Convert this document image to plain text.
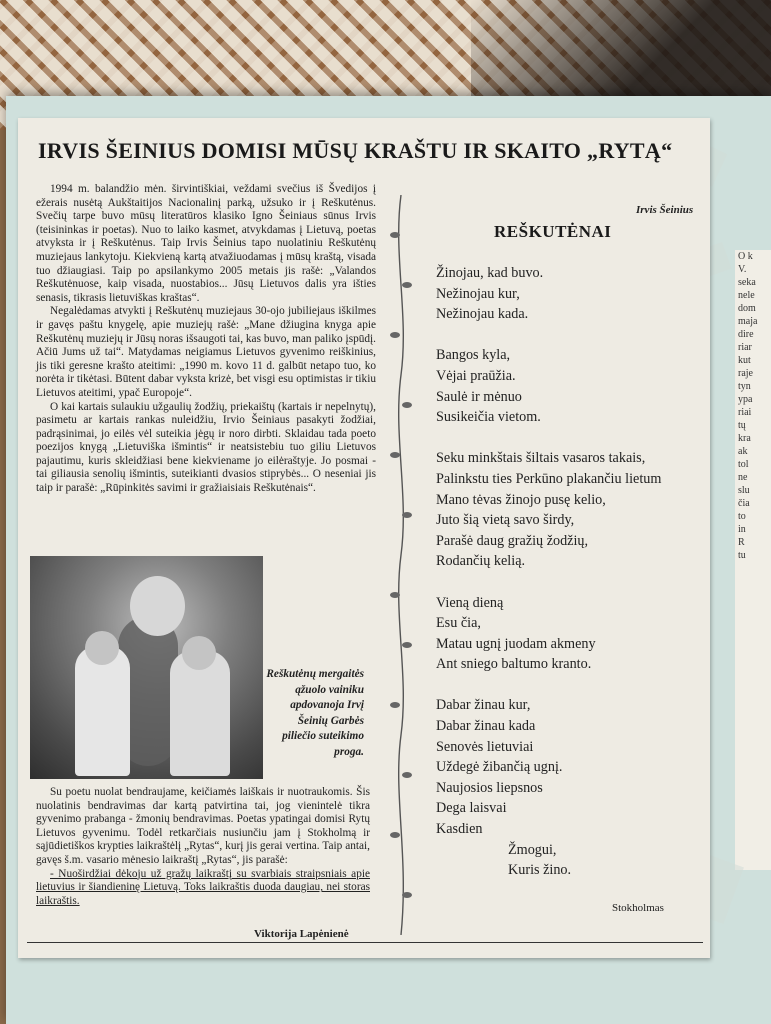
O k
V.
seka
nele
dom
maja
dire
riar
kut
raje
tyn
ypa
riai
tų
kra
ak
tol
ne
slu
čia
to
in
R
tu
IRVIS ŠEINIUS DOMISI MŪSŲ KRAŠTU IR SKAITO „RYTĄ“
Irvis Šeinius

1994 m. balandžio mėn. širvintiškiai, veždami svečius iš Švedijos į ežerais nusėtą Aukštaitijos Nacionalinį parką, užsuko ir į Reškutėnus. Svečių tarpe buvo mūsų literatūros klasiko Igno Šeiniaus sūnus Irvis (teisininkas ir poetas). Nuo to laiko kasmet, atvykdamas į Lietuvą, poetas atvyksta ir į Reškutėnus. Taip Irvis Šeinius tapo nuolatiniu Reškutėnų muziejaus lankytoju. Kiekvieną kartą atvažiuodamas į mūsų kraštą, visada tuo džiaugiasi. Taip po apsilankymo 2005 metais jis rašė: „Valandos Reškutėnuose, kaip visada, nuostabios... Jūsų Lietuvos dalis yra išties senasis, tikrasis lietuviškas kraštas“.

Negalėdamas atvykti į Reškutėnų muziejaus 30-ojo jubiliejaus iškilmes ir gavęs paštu knygelę, apie muziejų rašė: „Mane džiugina knyga apie Reškutėnų muziejų ir Jūsų noras išsaugoti tai, kas buvo, man paliko įspūdį. Ačiū Jums už tai“. Matydamas neigiamus Lietuvos gyvenimo reiškinius, jis tiki geresne krašto ateitimi: „1990 m. kovo 11 d. galbūt netapo tuo, ko norėta ir tikėtasi. Būtent dabar vyksta krizė, bet visgi esu optimistas ir tikiu Lietuvos ateitimi, ypač Europoje“.

O kai kartais sulaukiu užgaulių žodžių, priekaištų (kartais ir nepelnytų), pasimetu ar kartais rankas nuleidžiu, Irvio Šeiniaus pasakyti žodžiai, padrąsinimai, jo eilės vėl suteikia jėgų ir noro dirbti. Sklaidau tada poeto poezijos knygą „Lietuviška išmintis“ ir neatsistebiu tuo giliu Lietuvos pajautimu, kuris skleidžiasi bene kiekviename jo eilėraštyje. Jo posmai - tai giliausia senolių išmintis, suteikianti dvasios stiprybės... O neseniai jis taip ir parašė: „Rūpinkitės savimi ir gražiaisiais Reškutėnais“.

Reškutėnų mergaitės ąžuolo vainiku apdovanoja Irvį Šeinių Garbės piliečio suteikimo proga.

Su poetu nuolat bendraujame, keičiamės laiškais ir nuotraukomis. Šis nuolatinis bendravimas dar kartą patvirtina tai, jog vienintelė tikra gyvenimo prabanga - žmonių bendravimas. Poetas ypatingai domisi Rytų Lietuvos gyvenimu. Todėl retkarčiais nusiunčiu jam į Stokholmą ir sąjūdietiškos krypties laikraštėlį „Rytas“, kurį jis gerai vertina. Taip antai, gavęs š.m. vasario mėnesio laikraštį „Rytas“, jis parašė:

- Nuoširdžiai dėkoju už gražų laikraštį su svarbiais straipsniais apie lietuvius ir šiandieninę Lietuvą. Toks laikraštis duoda daugiau, nei storas laikraštis.

Viktorija Lapėnienė
REŠKUTĖNAI
Žinojau, kad buvo.
Nežinojau kur,
Nežinojau kada.
Bangos kyla,
Vėjai praūžia.
Saulė ir mėnuo
Susikeičia vietom.
Seku minkštais šiltais vasaros takais,
Palinkstu ties Perkūno plakančiu lietum
Mano tėvas žinojo pusę kelio,
Juto šią vietą savo širdy,
Parašė daug gražių žodžių,
Rodančių kelią.
Vieną dieną
Esu čia,
Matau ugnį juodam akmeny
Ant sniego baltumo kranto.
Dabar žinau kur,
Dabar žinau kada
Senovės lietuviai
Uždegė žibančią ugnį.
Naujosios liepsnos
Dega laisvai
Kasdien
Žmogui,
Kuris žino.
Stokholmas
